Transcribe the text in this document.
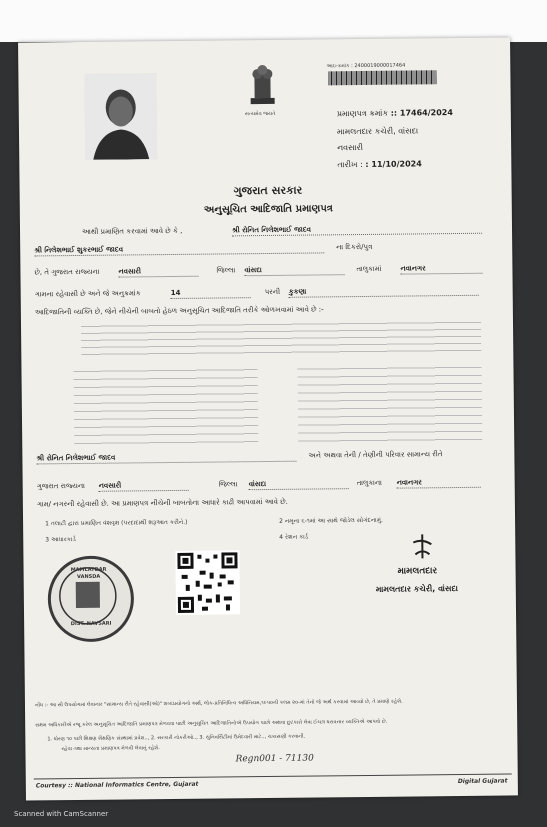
સત્યમેવ જયતે
આઇ-ક્રમાંક : 2400019000017464
પ્રમાણપત્ર ક્રમાંક :: 17464/2024
મામલતદાર કચેરી, વાંસદા
નવસારી
તારીખ : : 11/10/2024
ગુજરાત સરકાર
અનુસૂચિત આદિજાતિ પ્રમાણપત્ર
આથી પ્રમાણિત કરવામાં આવે છે કે ,	શ્રી રોનિત નિલેશભાઈ જાદવ
શ્રી નિલેશભાઈ શુકરભાઈ જાદવ	ના દિકરો/પુત્ર
છે, તે ગુજરાત રાજ્યના	નવસારી	જિલ્લા વાંસદા	તાલુકામાં	નવાનગર
ગામના રહેવાસી છે અને જે અનુક્રમાંક	14	પરની કુકણા
આદિજાતિની વ્યક્તિ છે, જેને નીચેની બાબતો હેઠળ અનુસૂચિત આદિજાતિ તરીકે ઓળખવામાં આવે છે :-
શ્રી રોનિત નિલેશભાઈ જાદવ	અને અથવા તેની / તેણીની પરિવાર સામાન્ય રીતે
ગુજરાત રાજ્યના નવસારી	જિલ્લા વાંસદા	તાલુકાના નવાનગર
ગામ/ નગરની રહેવાસી છે. આ પ્રમાણપત્ર નીચેની બાબતોના આધારે કાઢી આપવામાં આવે છે.
1 તલાટી દ્વારા પ્રમાણિત વંશવૃક્ષ (પરદાદાથી શરૂઆત કરીને.)	2 નમૂના ૬-૧માં આ સાથે જોડેલ સોગંદનામું.
3 આધારકાર્ડ	4 રેશન કાર્ડ
MAMLATDAR VANSDA
DIST. NAVSARI
મામલતદાર
મામલતદાર કચેરી, વાંસદા
નોંધ :- આ સૌ ઉપયોગમાં લેવાનાર "સામાન્ય રીતે રહેવાસી(ઓ)" શબ્દપ્રયોગનો અર્થ, લોક-પ્રતિનિધિત્વ અધિનિયમ,૧૯૫૦ની કલમ ૨૦-માં તેનો જે અર્થ કરવામાં આવ્યો છે, તે પ્રમાણે રહેશે.
સક્ષમ અધિકારીએ રજૂ કરેલ અનુસૂચિત આદિજાતિ પ્રમાણપત્ર મેળવવા પાછી અનુસૂચિત આદિજાતિનોએ ઉપયોગ પાછો અથવા છુટકારો લેવા ઈચ્છા ધરાવનાર વ્યક્તિએ આપવો છે.
1. ધોરણ ૧૦ પછી શિક્ષણ શૈક્ષણિક સંસ્થામાં પ્રવેશ.., 2. સરકારી નોકરીઓ.., 3. યુનિવર્સિટીમાં ઉમેદવારી માટે.., ચકાસણી કરવાની.
રહેવા તથા માન્યતા પ્રમાણપત્ર મેળવી લેવાનું રહેશે.
Regn001 - 71130
Courtesy :: National Informatics Centre, Gujarat	Digital Gujarat
Scanned with CamScanner
